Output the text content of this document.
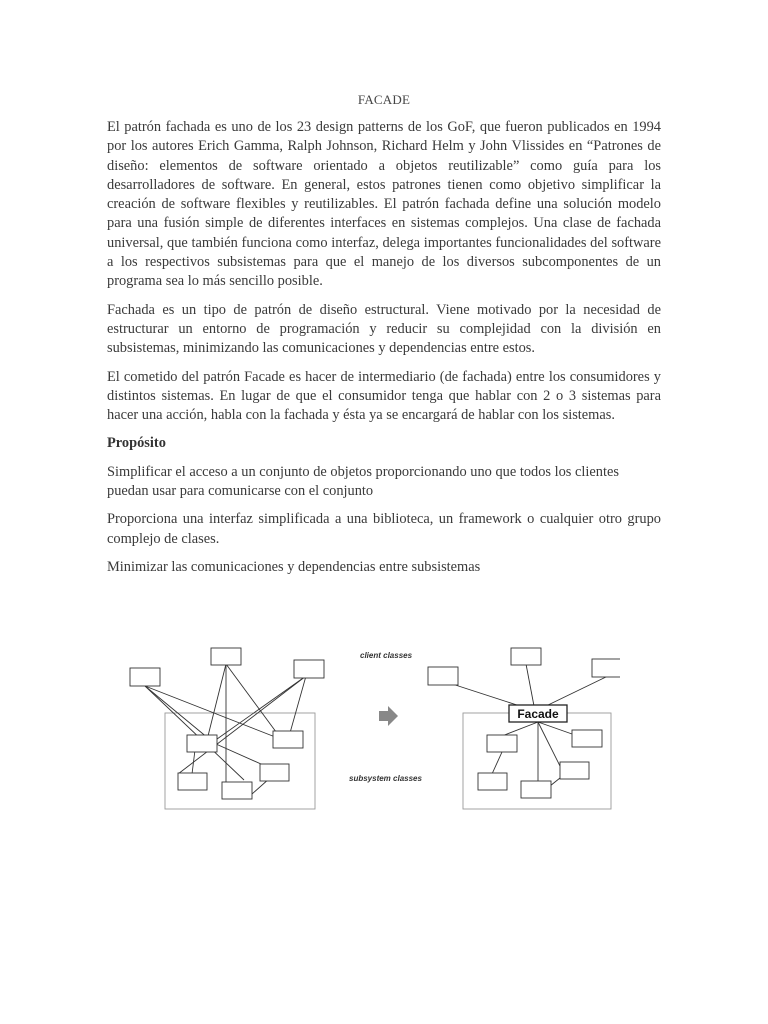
FACADE

El patrón fachada es uno de los 23 design patterns de los GoF, que fueron publicados en 1994 por los autores Erich Gamma, Ralph Johnson, Richard Helm y John Vlissides en “Patrones de diseño: elementos de software orientado a objetos reutilizable” como guía para los desarrolladores de software. En general, estos patrones tienen como objetivo simplificar la creación de software flexibles y reutilizables. El patrón fachada define una solución modelo para una fusión simple de diferentes interfaces en sistemas complejos. Una clase de fachada universal, que también funciona como interfaz, delega importantes funcionalidades del software a los respectivos subsistemas para que el manejo de los diversos subcomponentes de un programa sea lo más sencillo posible.

Fachada es un tipo de patrón de diseño estructural. Viene motivado por la necesidad de estructurar un entorno de programación y reducir su complejidad con la división en subsistemas, minimizando las comunicaciones y dependencias entre estos.

El cometido del patrón Facade es hacer de intermediario (de fachada) entre los consumidores y distintos sistemas. En lugar de que el consumidor tenga que hablar con 2 o 3 sistemas para hacer una acción, habla con la fachada y ésta ya se encargará de hablar con los sistemas.

Propósito

Simplificar el acceso a un conjunto de objetos proporcionando uno que todos los clientes puedan usar para comunicarse con el conjunto

Proporciona una interfaz simplificada a una biblioteca, un framework o cualquier otro grupo complejo de clases.

Minimizar las comunicaciones y dependencias entre subsistemas

client classes
subsystem classes
Facade
